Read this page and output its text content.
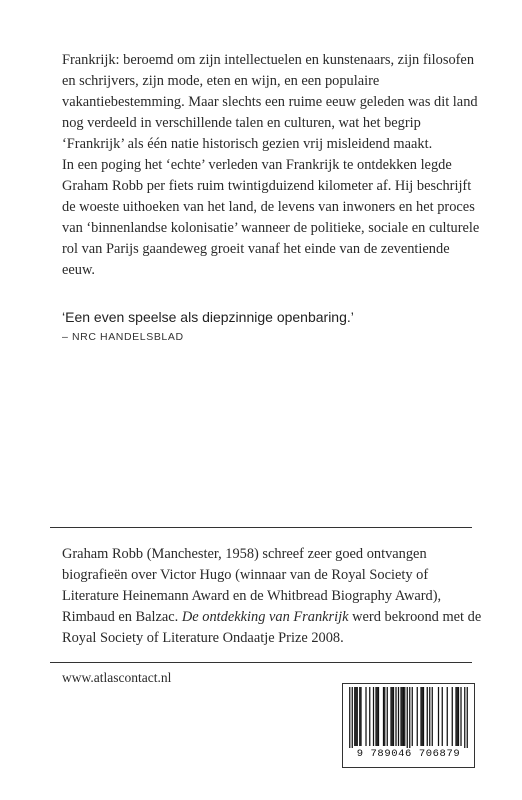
Frankrijk: beroemd om zijn intellectuelen en kunstenaars, zijn filosofen en schrijvers, zijn mode, eten en wijn, en een populaire vakantiebestemming. Maar slechts een ruime eeuw geleden was dit land nog verdeeld in verschillende talen en culturen, wat het begrip ‘Frankrijk’ als één natie historisch gezien vrij misleidend maakt.

In een poging het ‘echte’ verleden van Frankrijk te ontdekken legde Graham Robb per fiets ruim twintigduizend kilometer af. Hij beschrijft de woeste uithoeken van het land, de levens van inwoners en het proces van ‘binnenlandse kolonisatie’ wanneer de politieke, sociale en culturele rol van Parijs gaandeweg groeit vanaf het einde van de zeventiende eeuw.

‘Een even speelse als diepzinnige openbaring.’
– NRC HANDELSBLAD

Graham Robb (Manchester, 1958) schreef zeer goed ontvangen biografieën over Victor Hugo (winnaar van de Royal Society of Literature Heinemann Award en de Whitbread Biography Award), Rimbaud en Balzac. De ontdekking van Frankrijk werd bekroond met de Royal Society of Literature Ondaatje Prize 2008.

www.atlascontact.nl
9 789046 706879
